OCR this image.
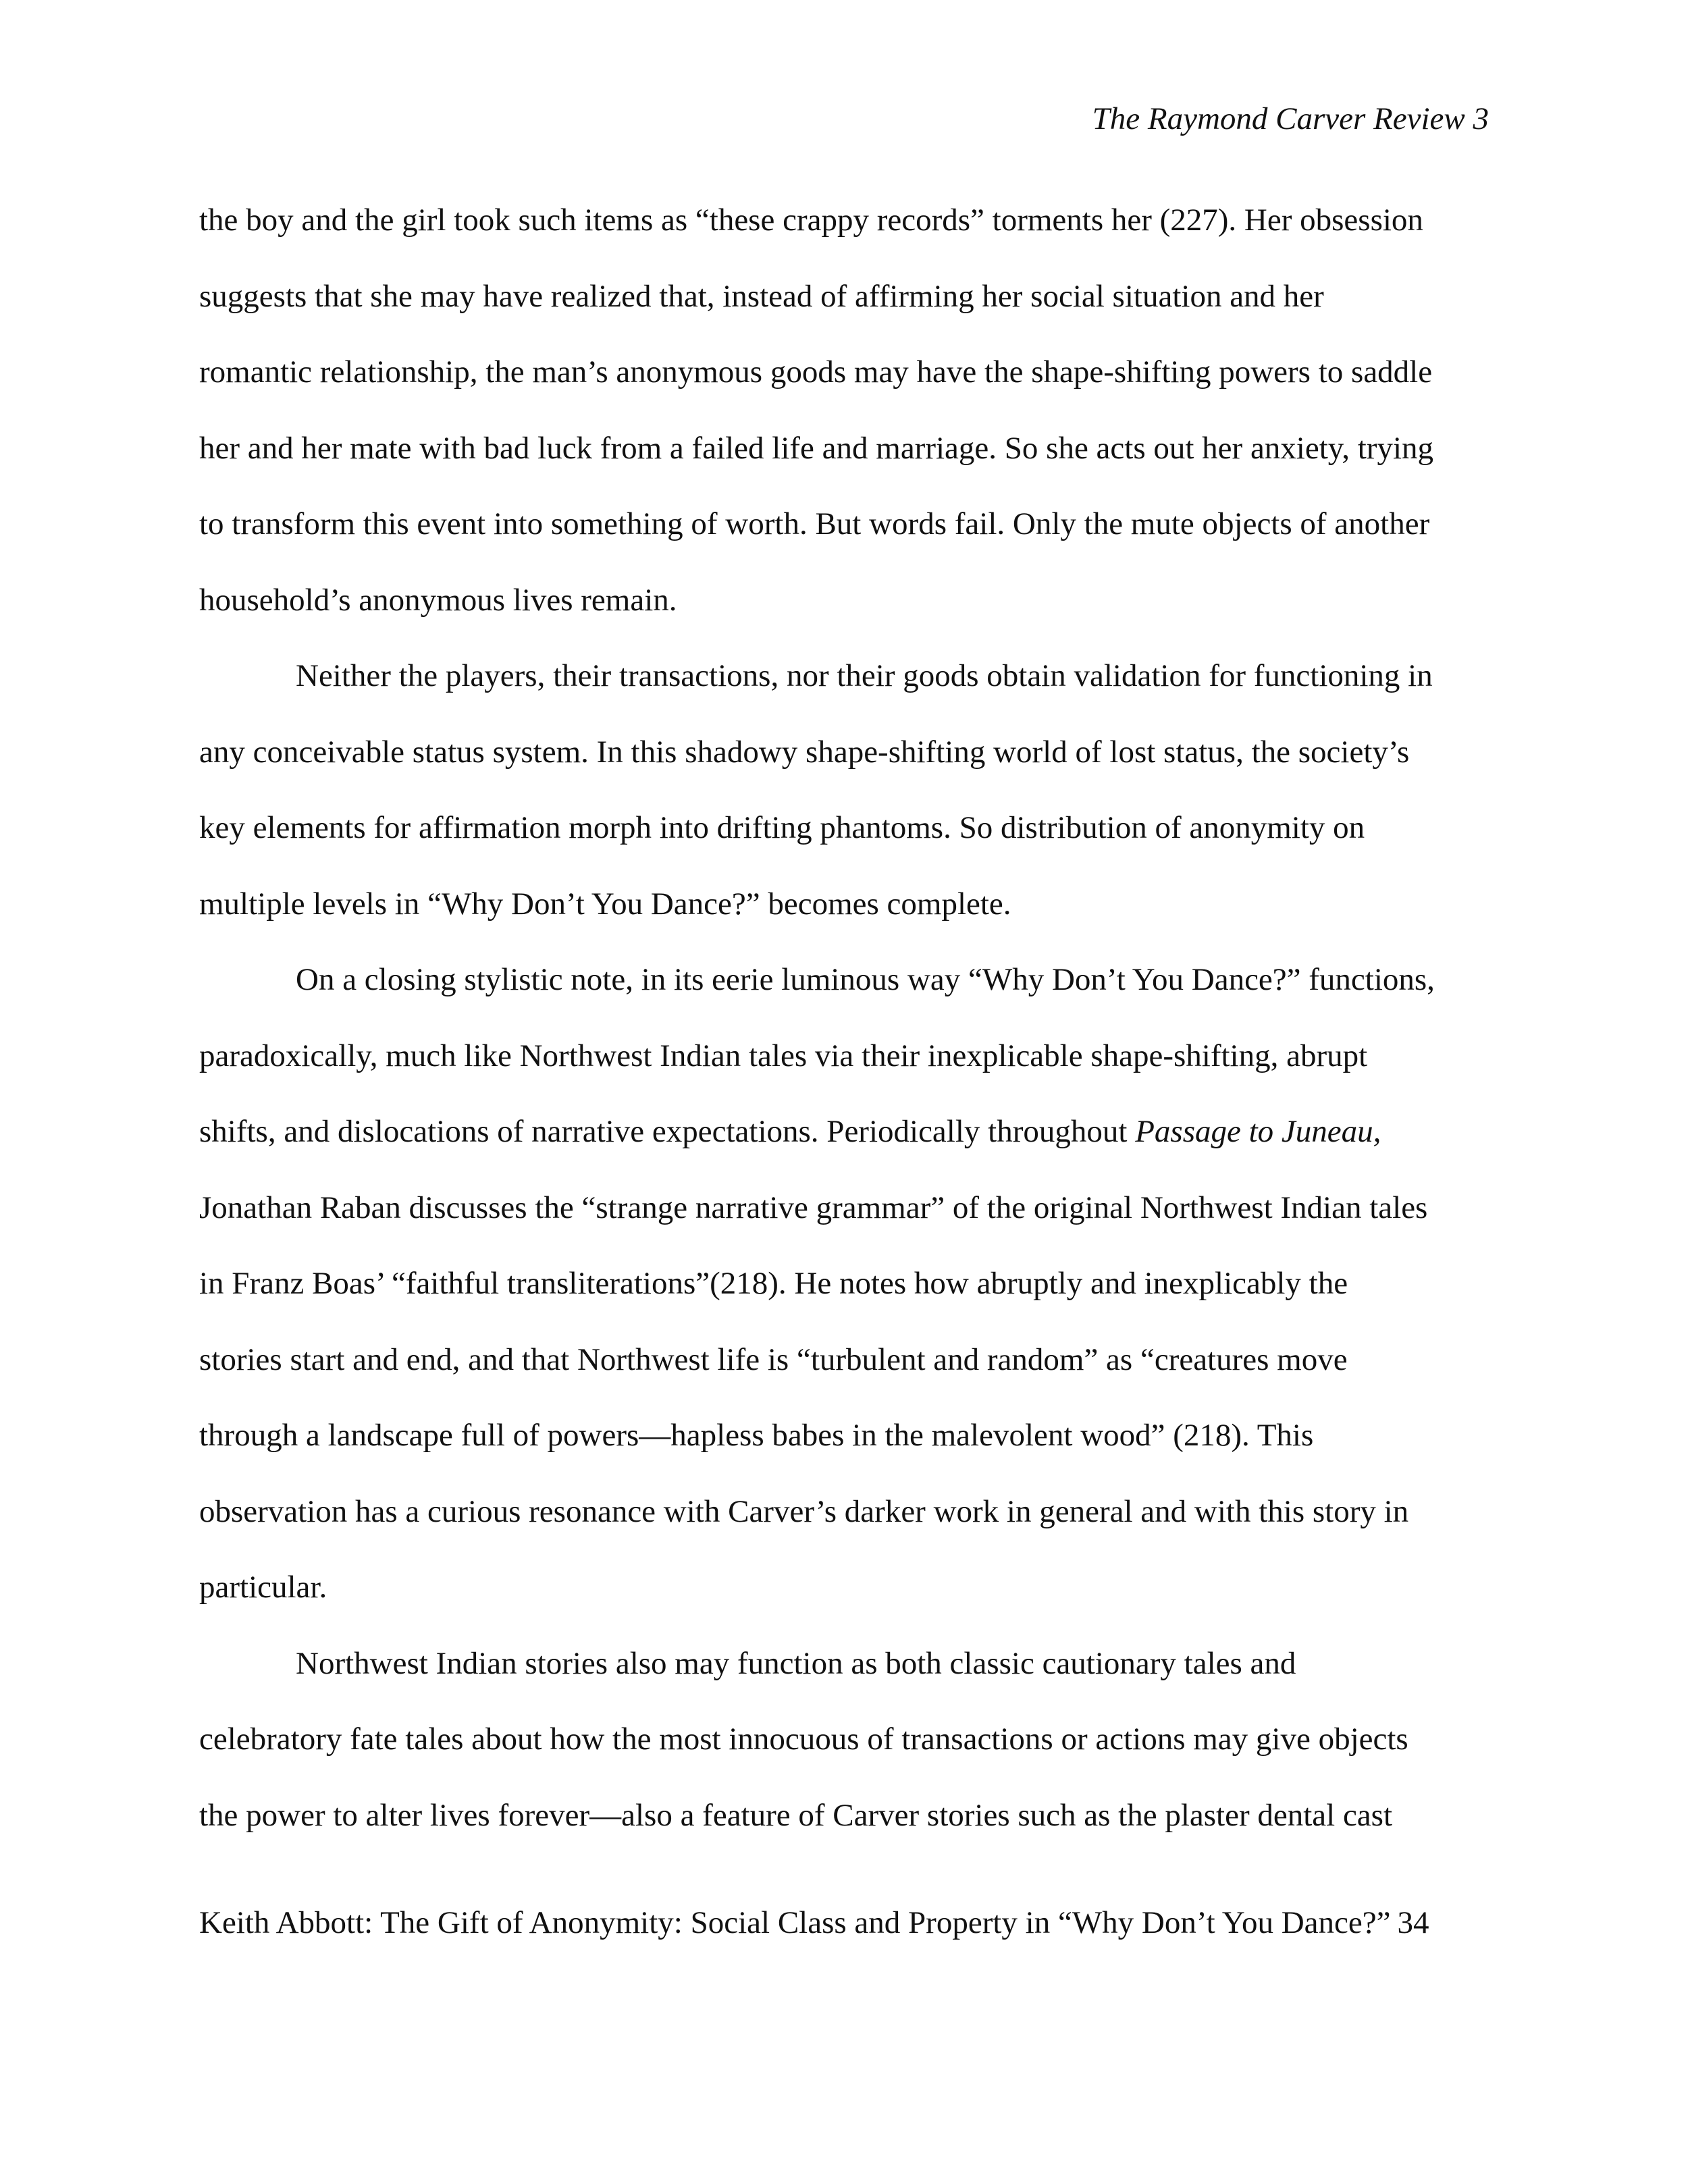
The Raymond Carver Review 3
the boy and the girl took such items as “these crappy records” torments her (227). Her obsession
suggests that she may have realized that, instead of affirming her social situation and her
romantic relationship, the man’s anonymous goods may have the shape-shifting powers to saddle
her and her mate with bad luck from a failed life and marriage. So she acts out her anxiety, trying
to transform this event into something of worth. But words fail. Only the mute objects of another
household’s anonymous lives remain.
Neither the players, their transactions, nor their goods obtain validation for functioning in
any conceivable status system. In this shadowy shape-shifting world of lost status, the society’s
key elements for affirmation morph into drifting phantoms. So distribution of anonymity on
multiple levels in “Why Don’t You Dance?” becomes complete.
On a closing stylistic note, in its eerie luminous way “Why Don’t You Dance?” functions,
paradoxically, much like Northwest Indian tales via their inexplicable shape-shifting, abrupt
shifts, and dislocations of narrative expectations. Periodically throughout Passage to Juneau,
Jonathan Raban discusses the “strange narrative grammar” of the original Northwest Indian tales
in Franz Boas’ “faithful transliterations”(218). He notes how abruptly and inexplicably the
stories start and end, and that Northwest life is “turbulent and random” as “creatures move
through a landscape full of powers—hapless babes in the malevolent wood” (218). This
observation has a curious resonance with Carver’s darker work in general and with this story in
particular.
Northwest Indian stories also may function as both classic cautionary tales and
celebratory fate tales about how the most innocuous of transactions or actions may give objects
the power to alter lives forever—also a feature of Carver stories such as the plaster dental cast
Keith Abbott: The Gift of Anonymity: Social Class and Property in “Why Don’t You Dance?” 34
